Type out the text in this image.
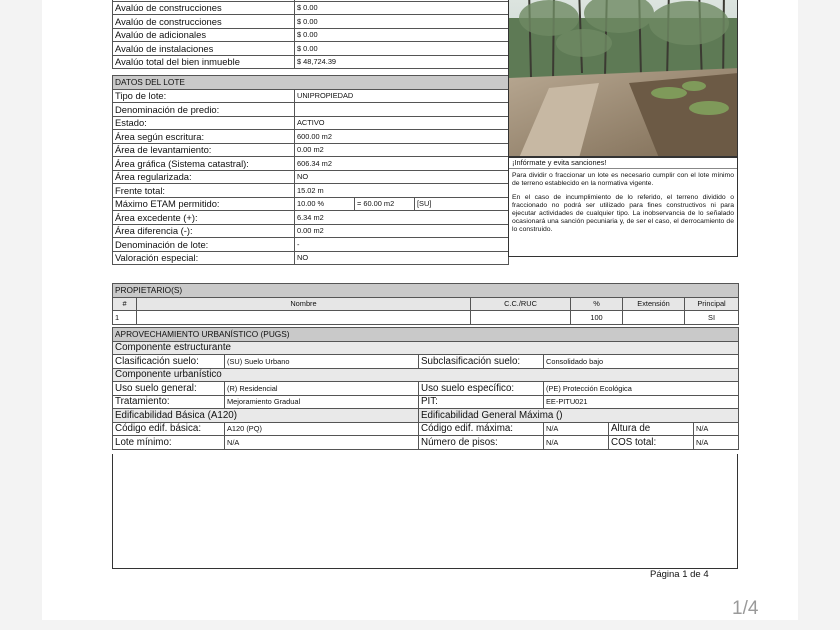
Avalúo de construcciones	$ 0.00
Avalúo de construcciones	$ 0.00
Avalúo de adicionales	$ 0.00
Avalúo de instalaciones	$ 0.00
Avalúo total del bien inmueble	$ 48,724.39
DATOS DEL LOTE			
Tipo de lote:	UNIPROPIEDAD		
Denominación de predio:			
Estado:	ACTIVO		
Área según escritura:	600.00 m2		
Área de levantamiento:	0.00 m2		
Área gráfica (Sistema catastral):	606.34 m2		
Área regularizada:	NO		
Frente total:	15.02 m		
Máximo ETAM permitido:	10.00 %	= 60.00 m2	[SU]
Área excedente (+):	6.34 m2		
Área diferencia (-):	0.00 m2		
Denominación de lote:	-		
Valoración especial:	NO		
¡Infórmate y evita sanciones!
Para dividir o fraccionar un lote es necesario cumplir con el lote mínimo de terreno establecido en la normativa vigente.
En el caso de incumplimiento de lo referido, el terreno dividido o fraccionado no podrá ser utilizado para fines constructivos ni para ejecutar actividades de cualquier tipo. La inobservancia de lo señalado ocasionará una sanción pecuniaria y, de ser el caso, el derrocamiento de lo construido.
PROPIETARIO(S)					
#	Nombre	C.C./RUC	%	Extensión	Principal
1			100		SI
APROVECHAMIENTO URBANÍSTICO (PUGS)					
Componente estructurante					
Clasificación suelo:	(SU) Suelo Urbano	Subclasificación suelo:	Consolidado bajo		
Componente urbanístico					
Uso suelo general:	(R) Residencial	Uso suelo específico:	(PE) Protección Ecológica		
Tratamiento:	Mejoramiento Gradual	PIT:	EE-PITU021		
Edificabilidad Básica (A120)		Edificabilidad General Máxima ()			
Código edif. básica:	A120 (PQ)	Código edif. máxima:	N/A	Altura de	N/A
Lote mínimo:	N/A	Número de pisos:	N/A	COS total:	N/A
Página 1 de 4
1/4
